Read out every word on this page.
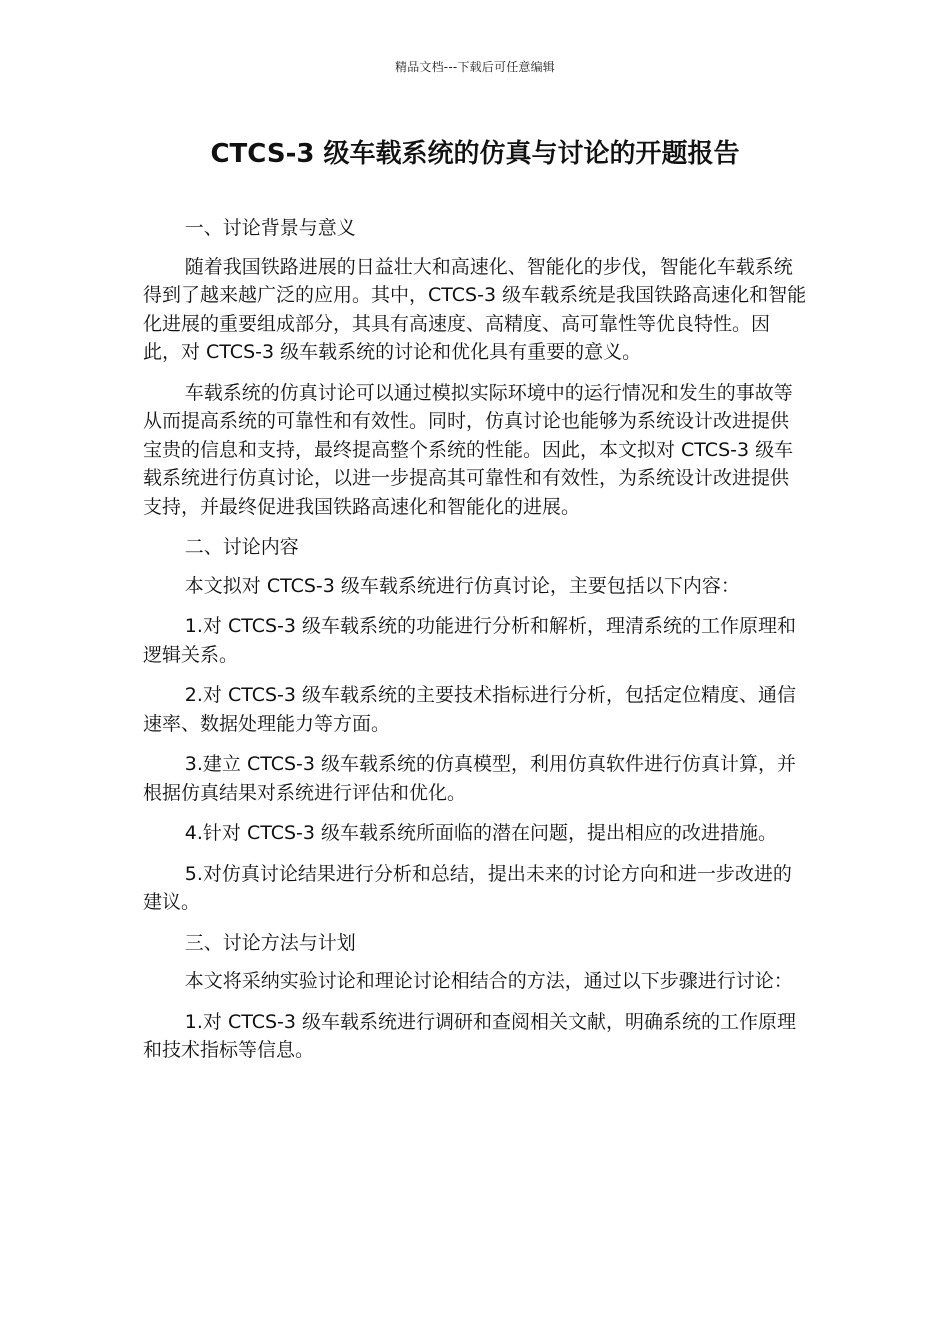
精品文档---下载后可任意编辑
CTCS-3 级车载系统的仿真与讨论的开题报告

一、讨论背景与意义

随着我国铁路进展的日益壮大和高速化、智能化的步伐，智能化车载系统得到了越来越广泛的应用。其中，CTCS-3 级车载系统是我国铁路高速化和智能化进展的重要组成部分，其具有高速度、高精度、高可靠性等优良特性。因此，对 CTCS-3 级车载系统的讨论和优化具有重要的意义。

车载系统的仿真讨论可以通过模拟实际环境中的运行情况和发生的事故等从而提高系统的可靠性和有效性。同时，仿真讨论也能够为系统设计改进提供宝贵的信息和支持，最终提高整个系统的性能。因此，本文拟对 CTCS-3 级车载系统进行仿真讨论，以进一步提高其可靠性和有效性，为系统设计改进提供支持，并最终促进我国铁路高速化和智能化的进展。

二、讨论内容

本文拟对 CTCS-3 级车载系统进行仿真讨论，主要包括以下内容：

1.对 CTCS-3 级车载系统的功能进行分析和解析，理清系统的工作原理和逻辑关系。

2.对 CTCS-3 级车载系统的主要技术指标进行分析，包括定位精度、通信速率、数据处理能力等方面。

3.建立 CTCS-3 级车载系统的仿真模型，利用仿真软件进行仿真计算，并根据仿真结果对系统进行评估和优化。

4.针对 CTCS-3 级车载系统所面临的潜在问题，提出相应的改进措施。

5.对仿真讨论结果进行分析和总结，提出未来的讨论方向和进一步改进的建议。

三、讨论方法与计划

本文将采纳实验讨论和理论讨论相结合的方法，通过以下步骤进行讨论：

1.对 CTCS-3 级车载系统进行调研和查阅相关文献，明确系统的工作原理和技术指标等信息。
